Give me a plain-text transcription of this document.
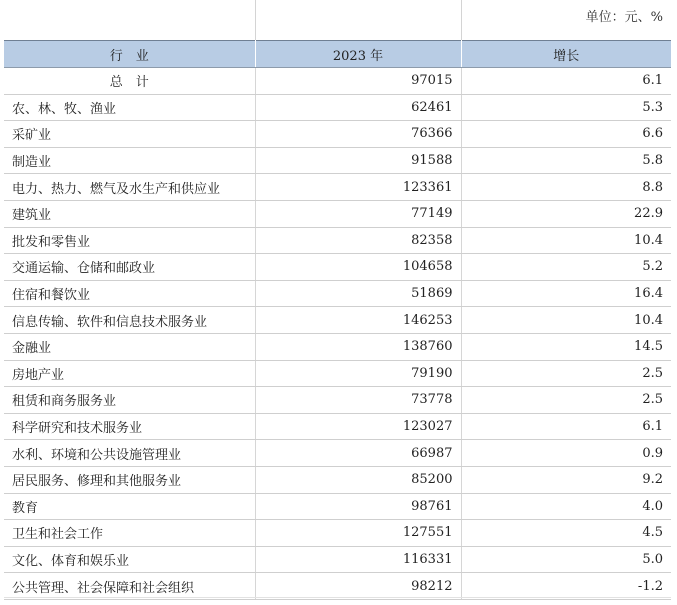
单位：元、%
行　业	2023 年	增长
总　计	97015	6.1
农、林、牧、渔业	62461	5.3
采矿业	76366	6.6
制造业	91588	5.8
电力、热力、燃气及水生产和供应业	123361	8.8
建筑业	77149	22.9
批发和零售业	82358	10.4
交通运输、仓储和邮政业	104658	5.2
住宿和餐饮业	51869	16.4
信息传输、软件和信息技术服务业	146253	10.4
金融业	138760	14.5
房地产业	79190	2.5
租赁和商务服务业	73778	2.5
科学研究和技术服务业	123027	6.1
水利、环境和公共设施管理业	66987	0.9
居民服务、修理和其他服务业	85200	9.2
教育	98761	4.0
卫生和社会工作	127551	4.5
文化、体育和娱乐业	116331	5.0
公共管理、社会保障和社会组织	98212	-1.2
